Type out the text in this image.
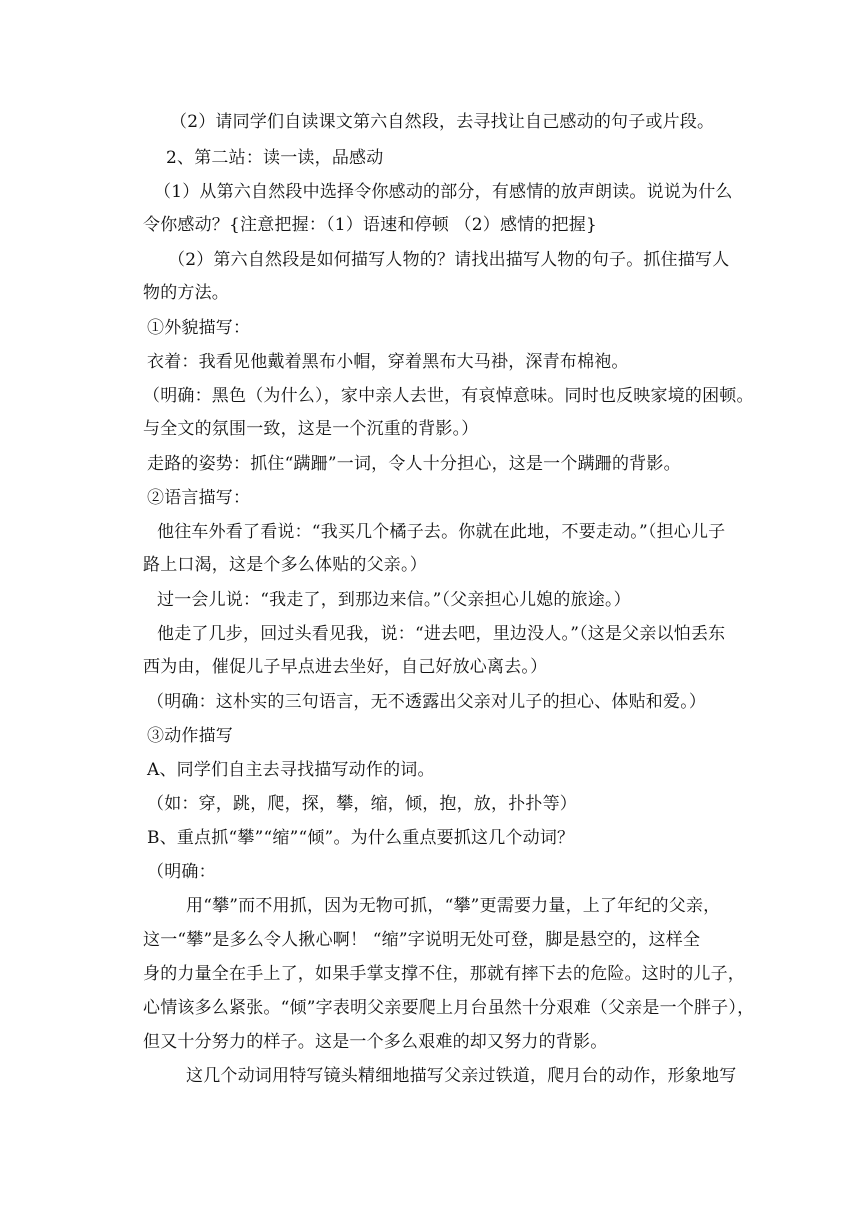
（2）请同学们自读课文第六自然段，去寻找让自己感动的句子或片段。
2、第二站：读一读，品感动
（1）从第六自然段中选择令你感动的部分，有感情的放声朗读。说说为什么
令你感动？{注意把握：（1）语速和停顿 （2）感情的把握}
（2）第六自然段是如何描写人物的？请找出描写人物的句子。抓住描写人
物的方法。
①外貌描写：
衣着：我看见他戴着黑布小帽，穿着黑布大马褂，深青布棉袍。
（明确：黑色（为什么），家中亲人去世，有哀悼意味。同时也反映家境的困顿。
与全文的氛围一致，这是一个沉重的背影。）
走路的姿势：抓住“蹒跚”一词，令人十分担心，这是一个蹒跚的背影。
②语言描写：
他往车外看了看说：“我买几个橘子去。你就在此地，不要走动。”（担心儿子
路上口渴，这是个多么体贴的父亲。）
过一会儿说：“我走了，到那边来信。”（父亲担心儿媳的旅途。）
他走了几步，回过头看见我，说：“进去吧，里边没人。”（这是父亲以怕丢东
西为由，催促儿子早点进去坐好，自己好放心离去。）
（明确：这朴实的三句语言，无不透露出父亲对儿子的担心、体贴和爱。）
③动作描写
A、同学们自主去寻找描写动作的词。
（如：穿，跳，爬，探，攀，缩，倾，抱，放，扑扑等）
B、重点抓“攀”“缩”“倾”。为什么重点要抓这几个动词？
（明确：
用“攀”而不用抓，因为无物可抓，“攀”更需要力量，上了年纪的父亲，
这一“攀”是多么令人揪心啊！ “缩”字说明无处可登，脚是悬空的，这样全
身的力量全在手上了，如果手掌支撑不住，那就有摔下去的危险。这时的儿子，
心情该多么紧张。“倾”字表明父亲要爬上月台虽然十分艰难（父亲是一个胖子），
但又十分努力的样子。这是一个多么艰难的却又努力的背影。
这几个动词用特写镜头精细地描写父亲过铁道，爬月台的动作，形象地写
